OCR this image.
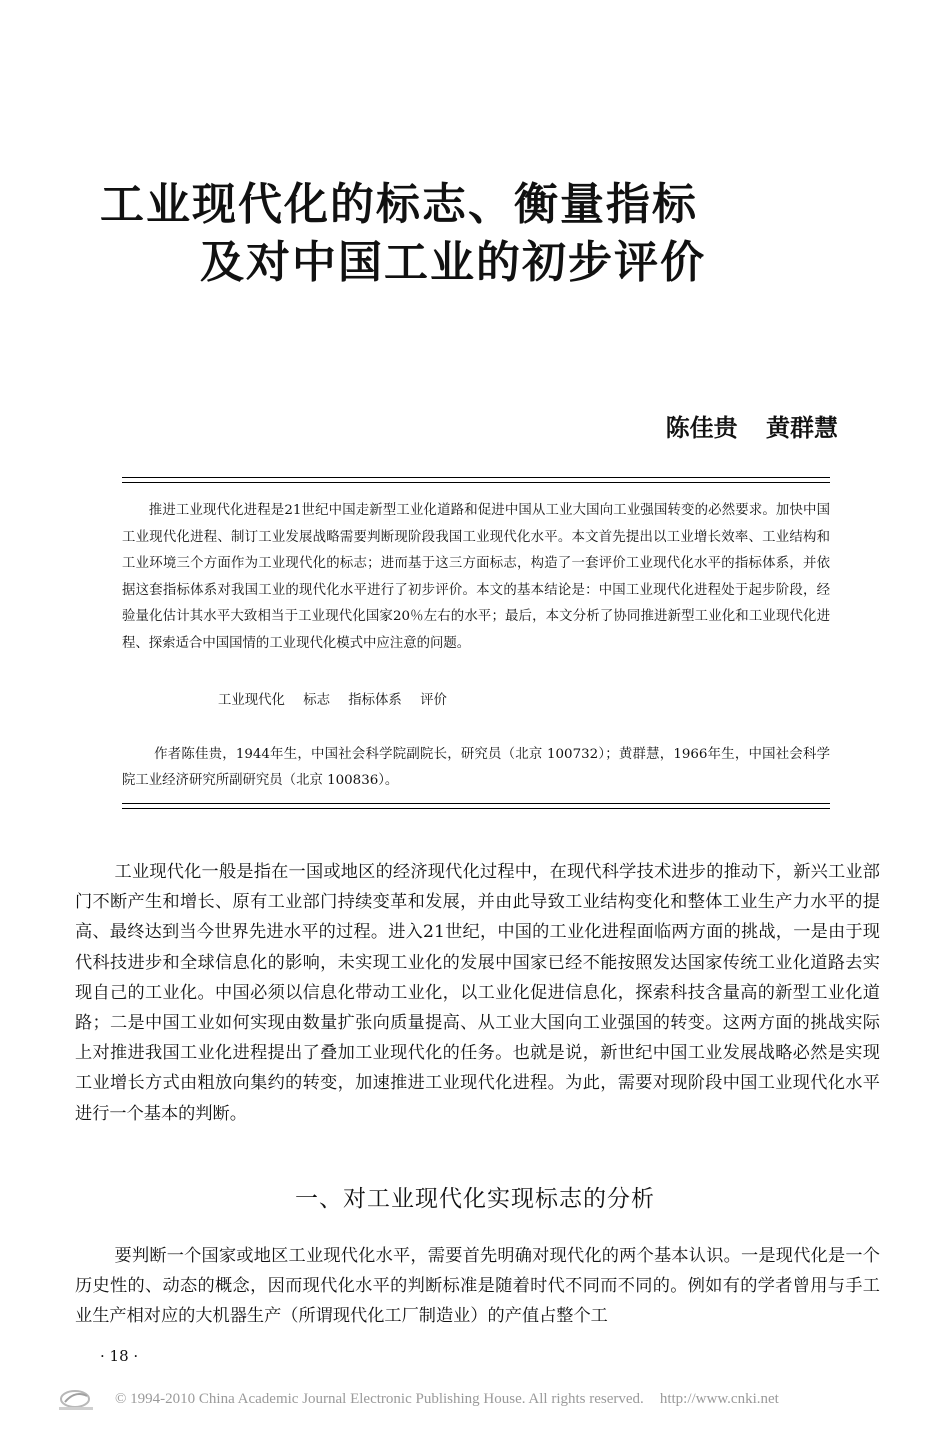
工业现代化的标志、衡量指标
及对中国工业的初步评价
陈佳贵 黄群慧

推进工业现代化进程是21世纪中国走新型工业化道路和促进中国从工业大国向工业强国转变的必然要求。加快中国工业现代化进程、制订工业发展战略需要判断现阶段我国工业现代化水平。本文首先提出以工业增长效率、工业结构和工业环境三个方面作为工业现代化的标志；进而基于这三方面标志，构造了一套评价工业现代化水平的指标体系，并依据这套指标体系对我国工业的现代化水平进行了初步评价。本文的基本结论是：中国工业现代化进程处于起步阶段，经验量化估计其水平大致相当于工业现代化国家20％左右的水平；最后，本文分析了协同推进新型工业化和工业现代化进程、探索适合中国国情的工业现代化模式中应注意的问题。

工业现代化 标志 指标体系 评价

作者陈佳贵，1944年生，中国社会科学院副院长，研究员（北京 100732）；黄群慧，1966年生，中国社会科学院工业经济研究所副研究员（北京 100836）。

工业现代化一般是指在一国或地区的经济现代化过程中，在现代科学技术进步的推动下，新兴工业部门不断产生和增长、原有工业部门持续变革和发展，并由此导致工业结构变化和整体工业生产力水平的提高、最终达到当今世界先进水平的过程。进入21世纪，中国的工业化进程面临两方面的挑战，一是由于现代科技进步和全球信息化的影响，未实现工业化的发展中国家已经不能按照发达国家传统工业化道路去实现自己的工业化。中国必须以信息化带动工业化，以工业化促进信息化，探索科技含量高的新型工业化道路；二是中国工业如何实现由数量扩张向质量提高、从工业大国向工业强国的转变。这两方面的挑战实际上对推进我国工业化进程提出了叠加工业现代化的任务。也就是说，新世纪中国工业发展战略必然是实现工业增长方式由粗放向集约的转变，加速推进工业现代化进程。为此，需要对现阶段中国工业现代化水平进行一个基本的判断。

一、对工业现代化实现标志的分析

要判断一个国家或地区工业现代化水平，需要首先明确对现代化的两个基本认识。一是现代化是一个历史性的、动态的概念，因而现代化水平的判断标准是随着时代不同而不同的。例如有的学者曾用与手工业生产相对应的大机器生产（所谓现代化工厂制造业）的产值占整个工

· 18 ·
© 1994-2010 China Academic Journal Electronic Publishing House. All rights reserved. http://www.cnki.net
